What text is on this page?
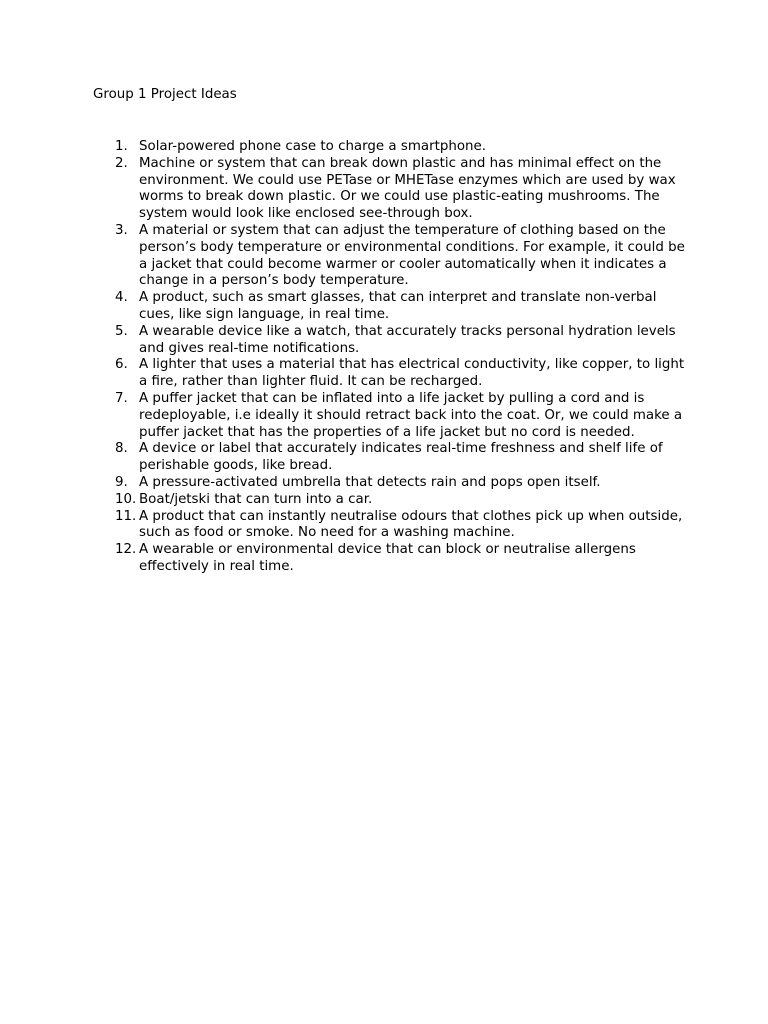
Group 1 Project Ideas
1. Solar-powered phone case to charge a smartphone.
2. Machine or system that can break down plastic and has minimal effect on the environment. We could use PETase or MHETase enzymes which are used by wax worms to break down plastic. Or we could use plastic-eating mushrooms. The system would look like enclosed see-through box.
3. A material or system that can adjust the temperature of clothing based on the person’s body temperature or environmental conditions. For example, it could be a jacket that could become warmer or cooler automatically when it indicates a change in a person’s body temperature.
4. A product, such as smart glasses, that can interpret and translate non-verbal cues, like sign language, in real time.
5. A wearable device like a watch, that accurately tracks personal hydration levels and gives real-time notifications.
6. A lighter that uses a material that has electrical conductivity, like copper, to light a fire, rather than lighter fluid. It can be recharged.
7. A puffer jacket that can be inflated into a life jacket by pulling a cord and is redeployable, i.e ideally it should retract back into the coat. Or, we could make a puffer jacket that has the properties of a life jacket but no cord is needed.
8. A device or label that accurately indicates real-time freshness and shelf life of perishable goods, like bread.
9. A pressure-activated umbrella that detects rain and pops open itself.
10. Boat/jetski that can turn into a car.
11. A product that can instantly neutralise odours that clothes pick up when outside, such as food or smoke. No need for a washing machine.
12. A wearable or environmental device that can block or neutralise allergens effectively in real time.
